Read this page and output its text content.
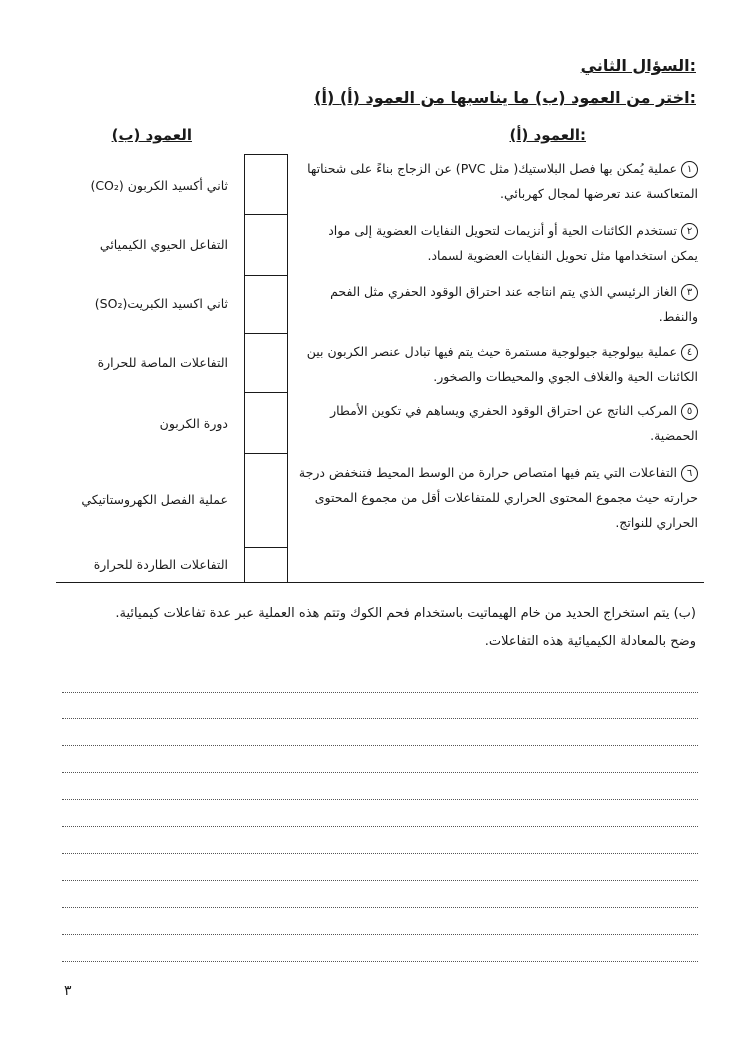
السؤال الثاني:
(أ) اختر من العمود (ب) ما يناسبها من العمود (أ):
العمود (أ):
العمود (ب)
١عملية يُمكن بها فصل البلاستيك( مثل PVC) عن الزجاج بناءً على شحناتها المتعاكسة عند تعرضها لمجال كهربائي.
٢تستخدم الكائنات الحية أو أنزيمات لتحويل النفايات العضوية إلى مواد يمكن استخدامها مثل تحويل النفايات العضوية لسماد.
٣الغاز الرئيسي الذي يتم انتاجه عند احتراق الوقود الحفري مثل الفحم والنفط.
٤عملية بيولوجية جيولوجية مستمرة حيث يتم فيها تبادل عنصر الكربون بين الكائنات الحية والغلاف الجوي والمحيطات والصخور.
٥المركب الناتج عن احتراق الوقود الحفري ويساهم في تكوين الأمطار الحمضية.
٦التفاعلات التي يتم فيها امتصاص حرارة من الوسط المحيط فتنخفض درجة حرارته حيث مجموع المحتوى الحراري للمتفاعلات أقل من مجموع المحتوى الحراري للنواتج.
ثاني أكسيد الكربون (CO₂)
التفاعل الحيوي الكيميائي
ثاني اكسيد الكبريت(SO₂)
التفاعلات الماصة للحرارة
دورة الكربون
عملية الفصل الكهروستاتيكي
التفاعلات الطاردة للحرارة
(ب) يتم استخراج الحديد من خام الهيماتيت باستخدام فحم الكوك وتتم هذه العملية عبر عدة تفاعلات كيميائية.
وضح بالمعادلة الكيميائية هذه التفاعلات.
٣
